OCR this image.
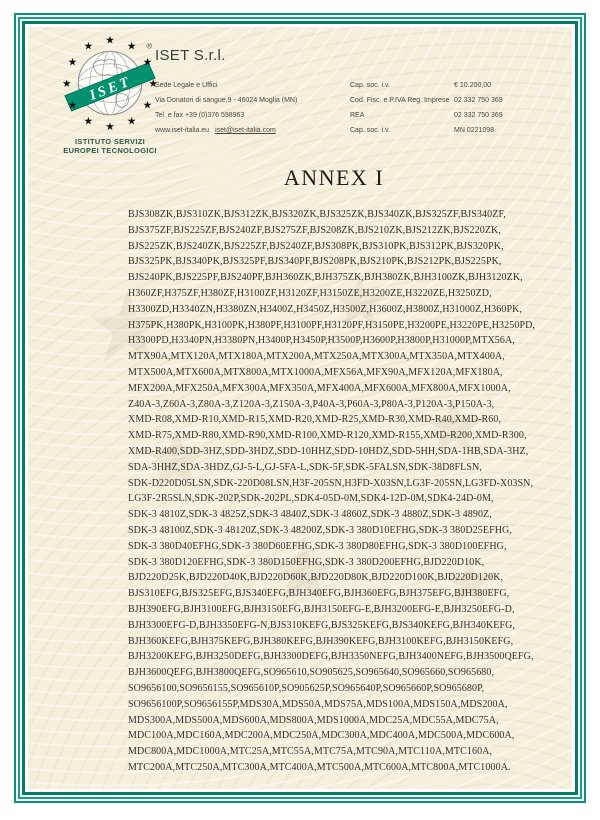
★ ★
★
★
★ ★
ISET
★ ★
★
★
★
★
★
★
★
★
★
★	®
ISTITUTO SERVIZI
EUROPEI TECNOLOGICI
ISET S.r.l.
Sede Legale e Uffici
Via Donatori di sangue,9 - 46024 Moglia (MN)
Tel. e fax +39 (0)376 598963
www.iset-italia.eu iset@iset-italia.com
Cap. soc. i.v.	€ 10.200,00
Cod. Fisc. e P.IVA Reg. Imprese 02 332 750 369
REA	02 332 750 369
Cap. soc. i.v.	MN 0221098
ANNEX I
BJS308ZK,BJS310ZK,BJS312ZK,BJS320ZK,BJS325ZK,BJS340ZK,BJS325ZF,BJS340ZF,
BJS375ZF,BJS225ZF,BJS240ZF,BJS275ZF,BJS208ZK,BJS210ZK,BJS212ZK,BJS220ZK,
BJS225ZK,BJS240ZK,BJS225ZF,BJS240ZF,BJS308PK,BJS310PK,BJS312PK,BJS320PK,
BJS325PK,BJS340PK,BJS325PF,BJS340PF,BJS208PK,BJS210PK,BJS212PK,BJS225PK,
BJS240PK,BJS225PF,BJS240PF,BJH360ZK,BJH375ZK,BJH380ZK,BJH3100ZK,BJH3120ZK,
H360ZF,H375ZF,H380ZF,H3100ZF,H3120ZF,H3150ZE,H3200ZE,H3220ZE,H3250ZD,
H3300ZD,H3340ZN,H3380ZN,H3400Z,H3450Z,H3500Z,H3600Z,H3800Z,H31000Z,H360PK,
H375PK,H380PK,H3100PK,H380PF,H3100PF,H3120PF,H3150PE,H3200PE,H3220PE,H3250PD,
H3300PD,H3340PN,H3380PN,H3400P,H3450P,H3500P,H3600P,H3800P,H31000P,MTX56A,
MTX90A,MTX120A,MTX180A,MTX200A,MTX250A,MTX300A,MTX350A,MTX400A,
MTX500A,MTX600A,MTX800A,MTX1000A,MFX56A,MFX90A,MFX120A,MFX180A,
MFX200A,MFX250A,MFX300A,MFX350A,MFX400A,MFX600A,MFX800A,MFX1000A,
Z40A-3,Z60A-3,Z80A-3,Z120A-3,Z150A-3,P40A-3,P60A-3,P80A-3,P120A-3,P150A-3,
XMD-R08,XMD-R10,XMD-R15,XMD-R20,XMD-R25,XMD-R30,XMD-R40,XMD-R60,
XMD-R75,XMD-R80,XMD-R90,XMD-R100,XMD-R120,XMD-R155,XMD-R200,XMD-R300,
XMD-R400,SDD-3HZ,SDD-3HDZ,SDD-10HHZ,SDD-10HDZ,SDD-5HH,SDA-1HB,SDA-3HZ,
SDA-3HHZ,SDA-3HDZ,GJ-5-L,GJ-5FA-L,SDK-5F,SDK-5FALSN,SDK-38D8FLSN,
SDK-D220D05LSN,SDK-220D08LSN,H3F-205SN,H3FD-X03SN,LG3F-205SN,LG3FD-X03SN,
LG3F-2R5SLN,SDK-202P,SDK-202PL,SDK4-05D-0M,SDK4-12D-0M,SDK4-24D-0M,
SDK-3 4810Z,SDK-3 4825Z,SDK-3 4840Z,SDK-3 4860Z,SDK-3 4880Z,SDK-3 4890Z,
SDK-3 48100Z,SDK-3 48120Z,SDK-3 48200Z,SDK-3 380D10EFHG,SDK-3 380D25EFHG,
SDK-3 380D40EFHG,SDK-3 380D60EFHG,SDK-3 380D80EFHG,SDK-3 380D100EFHG,
SDK-3 380D120EFHG,SDK-3 380D150EFHG,SDK-3 380D200EFHG,BJD220D10K,
BJD220D25K,BJD220D40K,BJD220D60K,BJD220D80K,BJD220D100K,BJD220D120K,
BJS310EFG,BJS325EFG,BJS340EFG,BJH340EFG,BJH360EFG,BJH375EFG,BJH380EFG,
BJH390EFG,BJH3100EFG,BJH3150EFG,BJH3150EFG-E,BJH3200EFG-E,BJH3250EFG-D,
BJH3300EFG-D,BJH3350EFG-N,BJS310KEFG,BJS325KEFG,BJS340KEFG,BJH340KEFG,
BJH360KEFG,BJH375KEFG,BJH380KEFG,BJH390KEFG,BJH3100KEFG,BJH3150KEFG,
BJH3200KEFG,BJH3250DEFG,BJH3300DEFG,BJH3350NEFG,BJH3400NEFG,BJH3500QEFG,
BJH3600QEFG,BJH3800QEFG,SO965610,SO905625,SO965640,SO965660,SO965680,
SO9656100,SO9656155,SO965610P,SO905625P,SO965640P,SO965660P,SO965680P,
SO9656100P,SO9656155P,MDS30A,MDS50A,MDS75A,MDS100A,MDS150A,MDS200A,
MDS300A,MDS500A,MDS600A,MDS800A,MDS1000A,MDC25A,MDC55A,MDC75A,
MDC100A,MDC160A,MDC200A,MDC250A,MDC300A,MDC400A,MDC500A,MDC600A,
MDC800A,MDC1000A,MTC25A,MTC55A,MTC75A,MTC90A,MTC110A,MTC160A,
MTC200A,MTC250A,MTC300A,MTC400A,MTC500A,MTC600A,MTC800A,MTC1000A.
